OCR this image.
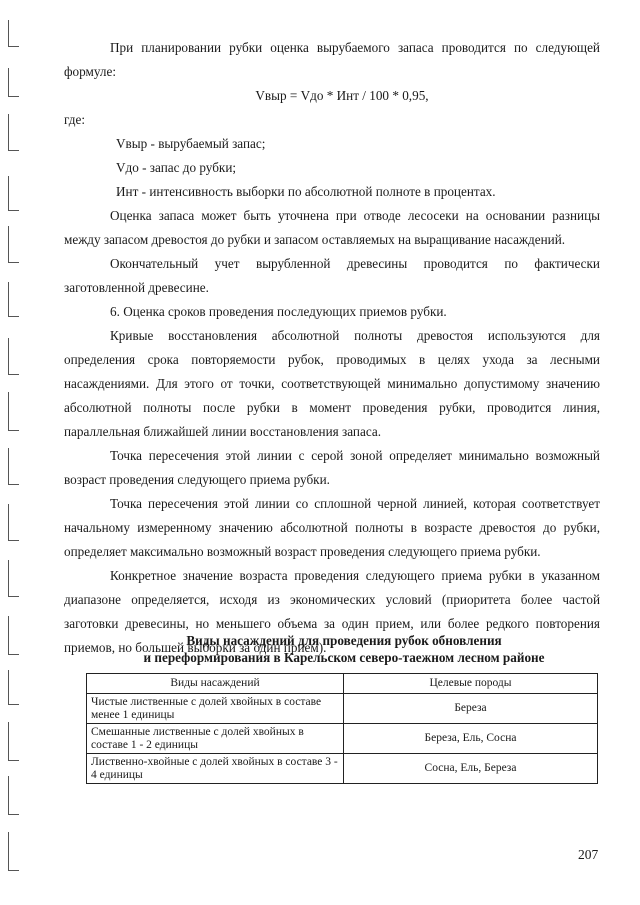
При планировании рубки оценка вырубаемого запаса проводится по следующей формуле:

Vвыр = Vдо * Инт / 100 * 0,95,

где:

Vвыр - вырубаемый запас;

Vдо - запас до рубки;

Инт - интенсивность выборки по абсолютной полноте в процентах.

Оценка запаса может быть уточнена при отводе лесосеки на основании разницы между запасом древостоя до рубки и запасом оставляемых на выращивание насаждений.

Окончательный учет вырубленной древесины проводится по фактически заготовленной древесине.

6. Оценка сроков проведения последующих приемов рубки.

Кривые восстановления абсолютной полноты древостоя используются для определения срока повторяемости рубок, проводимых в целях ухода за лесными насаждениями. Для этого от точки, соответствующей минимально допустимому значению абсолютной полноты после рубки в момент проведения рубки, проводится линия, параллельная ближайшей линии восстановления запаса.

Точка пересечения этой линии с серой зоной определяет минимально возможный возраст проведения следующего приема рубки.

Точка пересечения этой линии со сплошной черной линией, которая соответствует начальному измеренному значению абсолютной полноты в возрасте древостоя до рубки, определяет максимально возможный возраст проведения следующего приема рубки.

Конкретное значение возраста проведения следующего приема рубки в указанном диапазоне определяется, исходя из экономических условий (приоритета более частой заготовки древесины, но меньшего объема за один прием, или более редкого повторения приемов, но большей выборки за один прием).

Виды насаждений для проведения рубок обновления
и переформирования в Карельском северо-таежном лесном районе
Виды насаждений	Целевые породы
Чистые лиственные с долей хвойных в составе менее 1 единицы	Береза
Смешанные лиственные с долей хвойных в составе 1 - 2 единицы	Береза, Ель, Сосна
Лиственно-хвойные с долей хвойных в составе 3 - 4 единицы	Сосна, Ель, Береза
207
